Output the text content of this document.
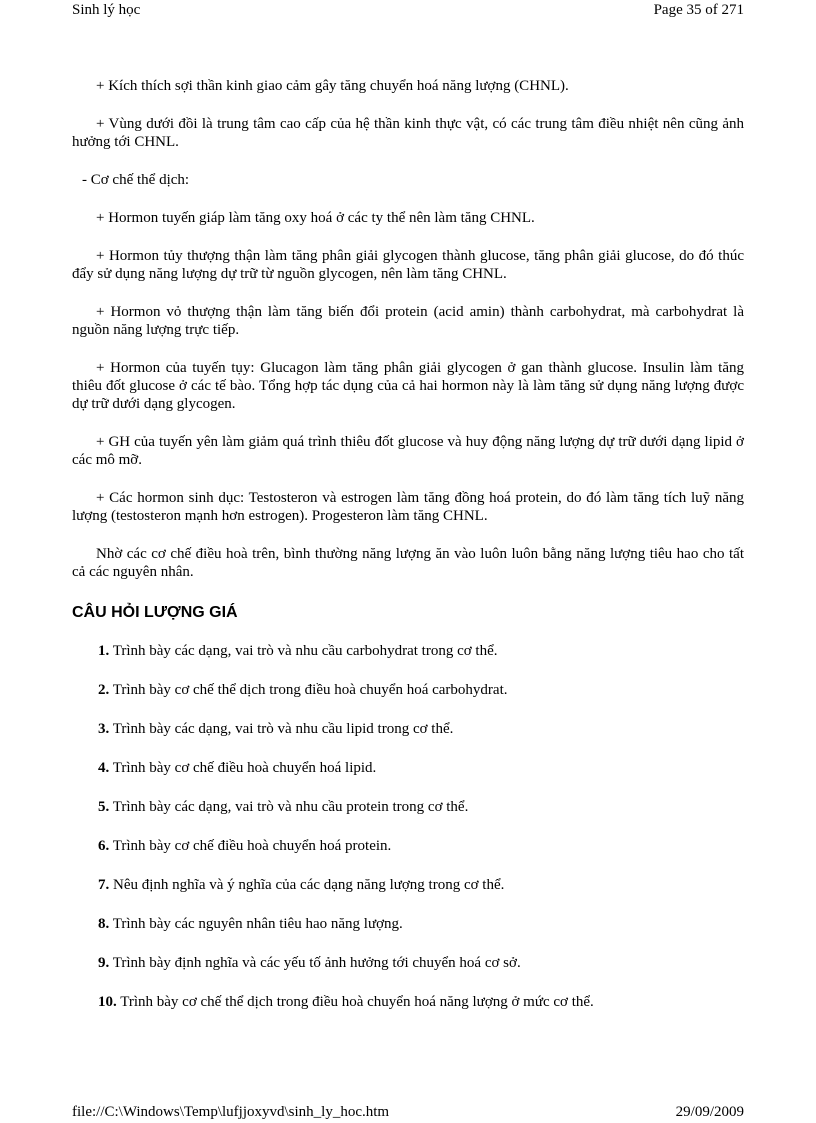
Sinh lý học	Page 35 of 271

+ Kích thích sợi thần kinh giao cảm gây tăng chuyển hoá năng lượng (CHNL).

+ Vùng dưới đồi là trung tâm cao cấp của hệ thần kinh thực vật, có các trung tâm điều nhiệt nên cũng ảnh hưởng tới CHNL.

- Cơ chế thể dịch:

+ Hormon tuyến giáp làm tăng oxy hoá ở các ty thể nên làm tăng CHNL.

+ Hormon tủy thượng thận làm tăng phân giải glycogen thành glucose, tăng phân giải glucose, do đó thúc đẩy sử dụng năng lượng dự trữ từ nguồn glycogen, nên làm tăng CHNL.

+ Hormon vỏ thượng thận làm tăng biến đổi protein (acid amin) thành carbohydrat, mà carbohydrat là nguồn năng lượng trực tiếp.

+ Hormon của tuyến tụy: Glucagon làm tăng phân giải glycogen ở gan thành glucose. Insulin làm tăng thiêu đốt glucose ở các tế bào. Tổng hợp tác dụng của cả hai hormon này là làm tăng sử dụng năng lượng được dự trữ dưới dạng glycogen.

+ GH của tuyến yên làm giảm quá trình thiêu đốt glucose và huy động năng lượng dự trữ dưới dạng lipid ở các mô mỡ.

+ Các hormon sinh dục: Testosteron và estrogen làm tăng đồng hoá protein, do đó làm tăng tích luỹ năng lượng (testosteron mạnh hơn estrogen). Progesteron làm tăng CHNL.

Nhờ các cơ chế điều hoà trên, bình thường năng lượng ăn vào luôn luôn bằng năng lượng tiêu hao cho tất cả các nguyên nhân.

CÂU HỎI LƯỢNG GIÁ

1. Trình bày các dạng, vai trò và nhu cầu carbohydrat trong cơ thể.

2. Trình bày cơ chế thể dịch trong điều hoà chuyển hoá carbohydrat.

3. Trình bày các dạng, vai trò và nhu cầu lipid trong cơ thể.

4. Trình bày cơ chế điều hoà chuyển hoá lipid.

5. Trình bày các dạng, vai trò và nhu cầu protein trong cơ thể.

6. Trình bày cơ chế điều hoà chuyển hoá protein.

7. Nêu định nghĩa và ý nghĩa của các dạng năng lượng trong cơ thể.

8. Trình bày các nguyên nhân tiêu hao năng lượng.

9. Trình bày định nghĩa và các yếu tố ảnh hưởng tới chuyển hoá cơ sở.

10. Trình bày cơ chế thể dịch trong điều hoà chuyển hoá năng lượng ở mức cơ thể.

file://C:\Windows\Temp\lufjjoxyvd\sinh_ly_hoc.htm	29/09/2009
